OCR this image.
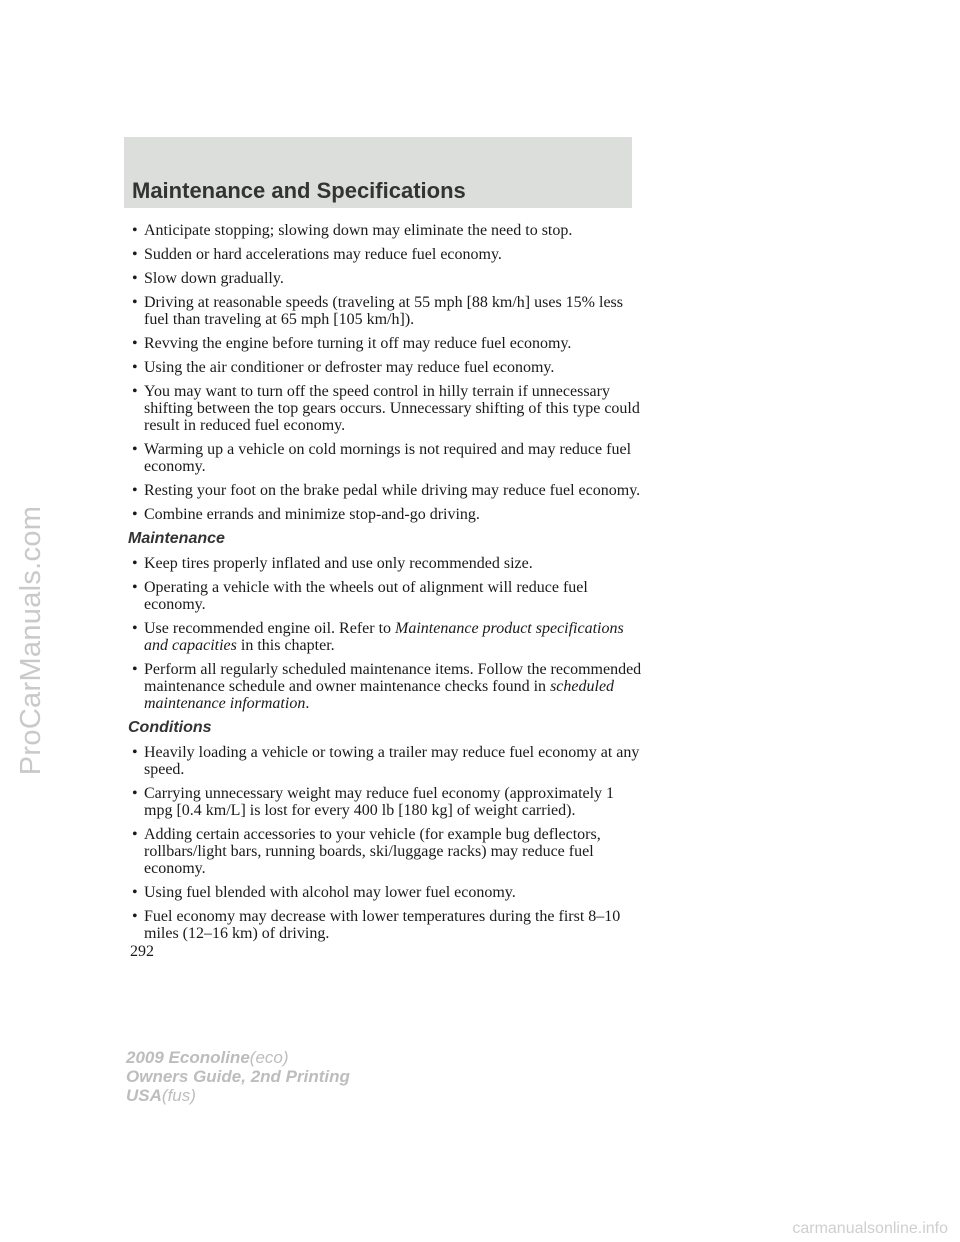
ProCarManuals.com
Maintenance and Specifications
• Anticipate stopping; slowing down may eliminate the need to stop.
• Sudden or hard accelerations may reduce fuel economy.
• Slow down gradually.
• Driving at reasonable speeds (traveling at 55 mph [88 km/h] uses 15% less fuel than traveling at 65 mph [105 km/h]).
• Revving the engine before turning it off may reduce fuel economy.
• Using the air conditioner or defroster may reduce fuel economy.
• You may want to turn off the speed control in hilly terrain if unnecessary shifting between the top gears occurs. Unnecessary shifting of this type could result in reduced fuel economy.
• Warming up a vehicle on cold mornings is not required and may reduce fuel economy.
• Resting your foot on the brake pedal while driving may reduce fuel economy.
• Combine errands and minimize stop-and-go driving.
Maintenance
• Keep tires properly inflated and use only recommended size.
• Operating a vehicle with the wheels out of alignment will reduce fuel economy.
• Use recommended engine oil. Refer to Maintenance product specifications and capacities in this chapter.
• Perform all regularly scheduled maintenance items. Follow the recommended maintenance schedule and owner maintenance checks found in scheduled maintenance information.
Conditions
• Heavily loading a vehicle or towing a trailer may reduce fuel economy at any speed.
• Carrying unnecessary weight may reduce fuel economy (approximately 1 mpg [0.4 km/L] is lost for every 400 lb [180 kg] of weight carried).
• Adding certain accessories to your vehicle (for example bug deflectors, rollbars/light bars, running boards, ski/luggage racks) may reduce fuel economy.
• Using fuel blended with alcohol may lower fuel economy.
• Fuel economy may decrease with lower temperatures during the first 8–10 miles (12–16 km) of driving.
292
2009 Econoline(eco)
Owners Guide, 2nd Printing
USA(fus)
carmanualsonline.info
